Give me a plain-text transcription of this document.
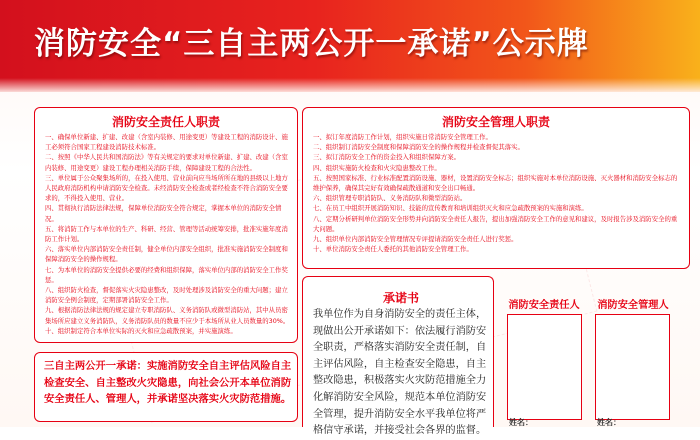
消防安全“三自主两公开一承诺”公示牌
消防安全责任人职责

一、确保单位新建、扩建、改建（含室内装修、用途变更）等建设工程的消防设计、施工必须符合国家工程建设消防技术标准。

二、按照《中华人民共和国消防法》等有关规定的要求对单位新建、扩建、改建（含室内装修、用途变更）建设工程办理相关消防手续，保障建设工程的合法性。

三、单位属于公众聚集场所的，在投入使用、营业前向应当场所所在地的县级以上地方人民政府消防机构申请消防安全检查。未经消防安全检查或者经检查不符合消防安全要求的，不得投入使用、营业。

四、贯彻执行消防法律法规，保障单位消防安全符合规定，掌握本单位的消防安全情况。

五、将消防工作与本单位的生产、科研、经营、管理等活动统筹安排，批准实施年度消防工作计划。

六、落实单位内部消防安全责任制，健全单位内部安全组织，批准实施消防安全制度和保障消防安全的操作规程。

七、为本单位的消防安全提供必要的经费和组织保障，落实单位内部的消防安全工作奖惩。

八、组织防火检查，督促落实火灾隐患整改，及时处理涉及消防安全的重大问题；建立消防安全例会制度，定期部署消防安全工作。

九、根据消防法律法规的规定建立专职消防队、义务消防队或微型消防站，其中从员密集场所应建立义务消防队，义务消防队员的数量不应少于本场所从业人员数量的30%。

十、组织制定符合本单位实际的灭火和应急疏散预案，并实施演练。

三自主两公开一承诺：实施消防安全自主评估风险自主检查安全、自主整改火灾隐患，向社会公开本单位消防安全责任人、管理人，并承诺坚决落实火灾防范措施。
消防安全管理人职责

一、拟订年度消防工作计划，组织实施日常消防安全管理工作。

二、组织制订消防安全制度和保障消防安全的操作规程并检查督促其落实。

三、拟订消防安全工作的资金投入和组织保障方案。

四、组织实施防火检查和火灾隐患整改工作。

五、按照国家标准、行业标准配置消防设施、器材，设置消防安全标志；组织实施对本单位消防设施、灭火器材和消防安全标志的维护保养，确保其完好有效确保疏散通道和安全出口畅通。

六、组织管理专职消防队、义务消防队和微型消防站。

七、在员工中组织开展消防知识、技能的宣传教育和培训组织灭火和应急疏散预案的实施和演练。

八、定期分析研判单位消防安全形势并向消防安全责任人报告，提出加强消防安全工作的意见和建议，及时报告涉及消防安全的重大问题。

九、组织单位内部消防安全管理情况专评提请消防安全责任人进行奖惩。

十、单位消防安全责任人委托的其他消防安全管理工作。

承诺书
我单位作为自身消防安全的责任主体，现做出公开承诺如下：依法履行消防安全职责，严格落实消防安全责任制，自主评估风险，自主检查安全隐患，自主整改隐患，积极落实火灾防范措施全力化解消防安全风险，规范本单位消防安全管理，提升消防安全水平我单位将严格信守承诺，并接受社会各界的监督。
消防安全责任人
姓名：
消防安全管理人
姓名：
